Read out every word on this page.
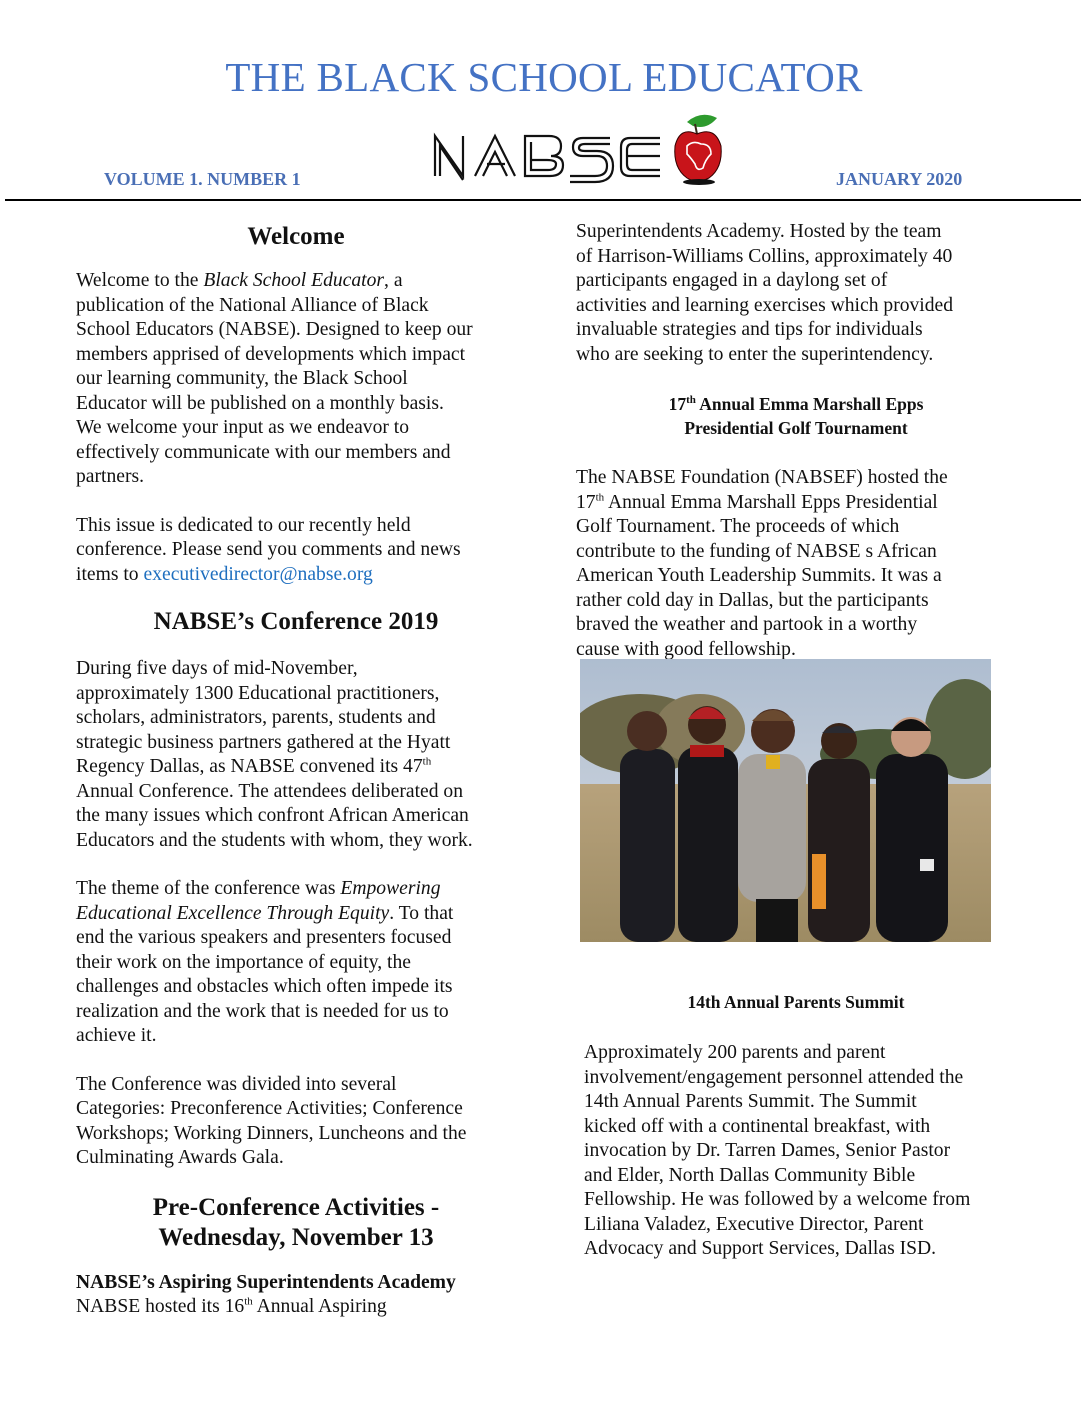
THE BLACK SCHOOL EDUCATOR
VOLUME 1. NUMBER 1	JANUARY 2020
Welcome

Welcome to the Black School Educator, a
publication of the National Alliance of Black
School Educators (NABSE). Designed to keep our
members apprised of developments which impact
our learning community, the Black School
Educator will be published on a monthly basis.
We welcome your input as we endeavor to
effectively communicate with our members and
partners.

This issue is dedicated to our recently held
conference. Please send you comments and news
items to executivedirector@nabse.org

NABSE’s Conference 2019

During five days of mid-November,
approximately 1300 Educational practitioners,
scholars, administrators, parents, students and
strategic business partners gathered at the Hyatt
Regency Dallas, as NABSE convened its 47th
Annual Conference. The attendees deliberated on
the many issues which confront African American
Educators and the students with whom, they work.

The theme of the conference was Empowering
Educational Excellence Through Equity. To that
end the various speakers and presenters focused
their work on the importance of equity, the
challenges and obstacles which often impede its
realization and the work that is needed for us to
achieve it.

The Conference was divided into several
Categories: Preconference Activities; Conference
Workshops; Working Dinners, Luncheons and the
Culminating Awards Gala.

Pre-Conference Activities -
Wednesday, November 13

NABSE’s Aspiring Superintendents Academy
NABSE hosted its 16th Annual Aspiring

Superintendents Academy. Hosted by the team
of Harrison-Williams Collins, approximately 40
participants engaged in a daylong set of
activities and learning exercises which provided
invaluable strategies and tips for individuals
who are seeking to enter the superintendency.

17th Annual Emma Marshall Epps
Presidential Golf Tournament

The NABSE Foundation (NABSEF) hosted the
17th Annual Emma Marshall Epps Presidential
Golf Tournament. The proceeds of which
contribute to the funding of NABSE s African
American Youth Leadership Summits. It was a
rather cold day in Dallas, but the participants
braved the weather and partook in a worthy
cause with good fellowship.

14th Annual Parents Summit

Approximately 200 parents and parent
involvement/engagement personnel attended the
14th Annual Parents Summit. The Summit
kicked off with a continental breakfast, with
invocation by Dr. Tarren Dames, Senior Pastor
and Elder, North Dallas Community Bible
Fellowship. He was followed by a welcome from
Liliana Valadez, Executive Director, Parent
Advocacy and Support Services, Dallas ISD.
